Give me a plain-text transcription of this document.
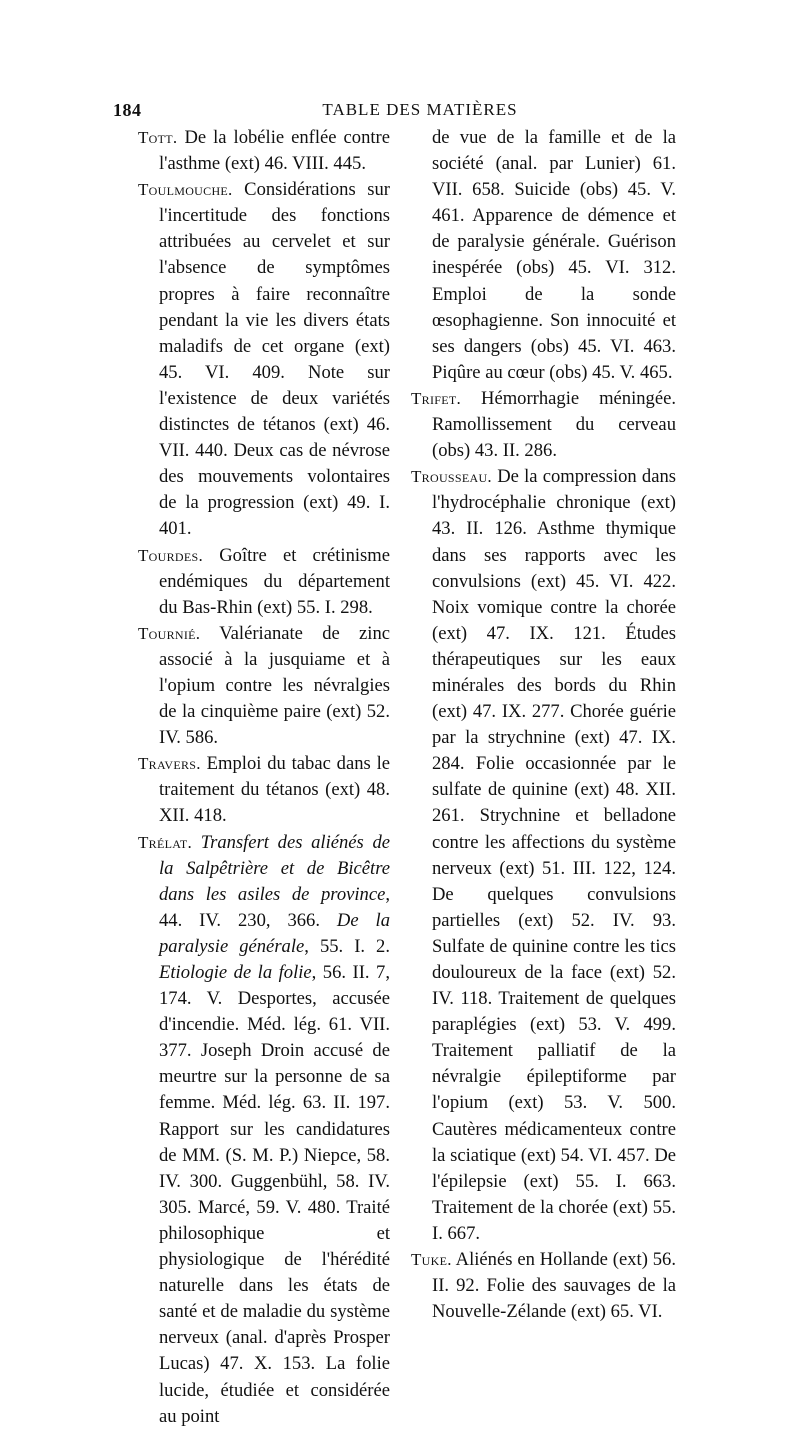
184	TABLE DES MATIÈRES

Tott. De la lobélie enflée contre l'asthme (ext) 46. VIII. 445.

Toulmouche. Considérations sur l'incertitude des fonctions attribuées au cervelet et sur l'absence de symptômes propres à faire reconnaître pendant la vie les divers états maladifs de cet organe (ext) 45. VI. 409. Note sur l'existence de deux variétés distinctes de tétanos (ext) 46. VII. 440. Deux cas de névrose des mouvements volontaires de la progression (ext) 49. I. 401.

Tourdes. Goître et crétinisme endémiques du département du Bas-Rhin (ext) 55. I. 298.

Tournié. Valérianate de zinc associé à la jusquiame et à l'opium contre les névralgies de la cinquième paire (ext) 52. IV. 586.

Travers. Emploi du tabac dans le traitement du tétanos (ext) 48. XII. 418.

Trélat. Transfert des aliénés de la Salpêtrière et de Bicêtre dans les asiles de province, 44. IV. 230, 366. De la paralysie générale, 55. I. 2. Etiologie de la folie, 56. II. 7, 174. V. Desportes, accusée d'incendie. Méd. lég. 61. VII. 377. Joseph Droin accusé de meurtre sur la personne de sa femme. Méd. lég. 63. II. 197. Rapport sur les candidatures de MM. (S. M. P.) Niepce, 58. IV. 300. Guggenbühl, 58. IV. 305. Marcé, 59. V. 480. Traité philosophique et physiologique de l'hérédité naturelle dans les états de santé et de maladie du système nerveux (anal. d'après Prosper Lucas) 47. X. 153. La folie lucide, étudiée et considérée au point

de vue de la famille et de la société (anal. par Lunier) 61. VII. 658. Suicide (obs) 45. V. 461. Apparence de démence et de paralysie générale. Guérison inespérée (obs) 45. VI. 312. Emploi de la sonde œsophagienne. Son innocuité et ses dangers (obs) 45. VI. 463. Piqûre au cœur (obs) 45. V. 465.

Trifet. Hémorrhagie méningée. Ramollissement du cerveau (obs) 43. II. 286.

Trousseau. De la compression dans l'hydrocéphalie chronique (ext) 43. II. 126. Asthme thymique dans ses rapports avec les convulsions (ext) 45. VI. 422. Noix vomique contre la chorée (ext) 47. IX. 121. Études thérapeutiques sur les eaux minérales des bords du Rhin (ext) 47. IX. 277. Chorée guérie par la strychnine (ext) 47. IX. 284. Folie occasionnée par le sulfate de quinine (ext) 48. XII. 261. Strychnine et belladone contre les affections du système nerveux (ext) 51. III. 122, 124. De quelques convulsions partielles (ext) 52. IV. 93. Sulfate de quinine contre les tics douloureux de la face (ext) 52. IV. 118. Traitement de quelques paraplégies (ext) 53. V. 499. Traitement palliatif de la névralgie épileptiforme par l'opium (ext) 53. V. 500. Cautères médicamenteux contre la sciatique (ext) 54. VI. 457. De l'épilepsie (ext) 55. I. 663. Traitement de la chorée (ext) 55. I. 667.

Tuke. Aliénés en Hollande (ext) 56. II. 92. Folie des sauvages de la Nouvelle-Zélande (ext) 65. VI.
